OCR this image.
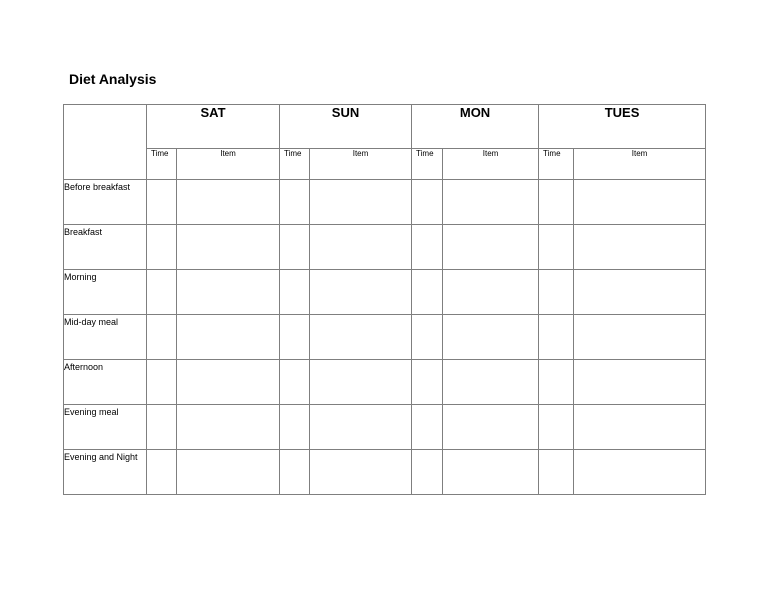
Diet Analysis
	SAT		SUN		MON		TUES	
	Time	Item	Time	Item	Time	Item	Time	Item
Before breakfast								
Breakfast								
Morning								
Mid-day meal								
Afternoon								
Evening meal								
Evening and Night								
